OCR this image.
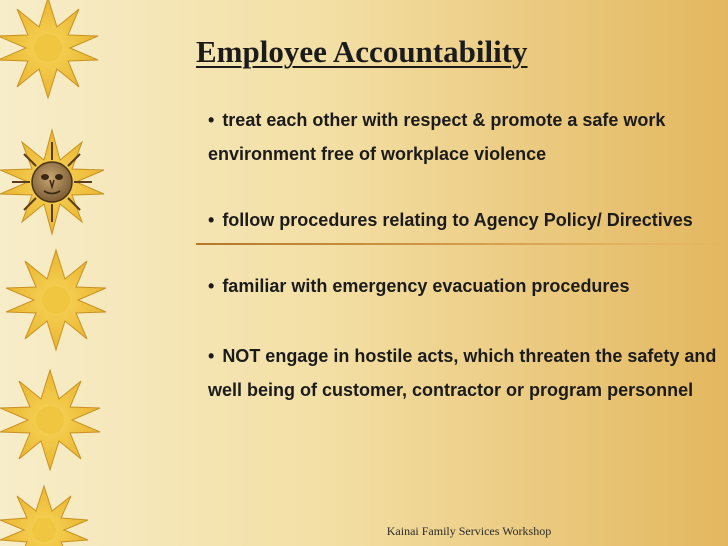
Employee Accountability
• treat each other with respect & promote a safe work environment free of workplace violence
• follow procedures relating to Agency Policy/ Directives
• familiar with emergency evacuation procedures
• NOT engage in hostile acts, which threaten the safety and well being of customer, contractor or program personnel
Kainai Family Services Workshop
